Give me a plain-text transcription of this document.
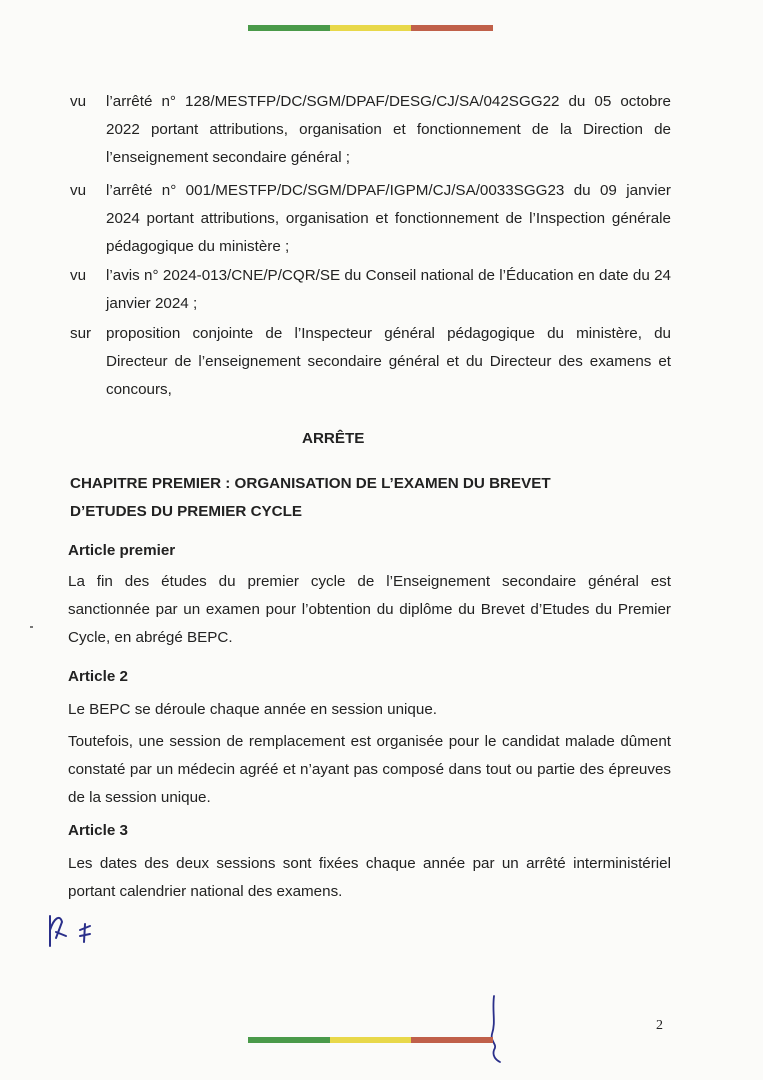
vu l’arrêté n° 128/MESTFP/DC/SGM/DPAF/DESG/CJ/SA/042SGG22 du 05 octobre 2022 portant attributions, organisation et fonctionnement de la Direction de l’enseignement secondaire général ;
vu l’arrêté n° 001/MESTFP/DC/SGM/DPAF/IGPM/CJ/SA/0033SGG23 du 09 janvier 2024 portant attributions, organisation et fonctionnement de l’Inspection générale pédagogique du ministère ;
vu l’avis n° 2024-013/CNE/P/CQR/SE du Conseil national de l’Éducation en date du 24 janvier 2024 ;
sur proposition conjointe de l’Inspecteur général pédagogique du ministère, du Directeur de l’enseignement secondaire général et du Directeur des examens et concours,
ARRÊTE
CHAPITRE PREMIER : ORGANISATION DE L’EXAMEN DU BREVET
D’ETUDES DU PREMIER CYCLE
Article premier
La fin des études du premier cycle de l’Enseignement secondaire général est sanctionnée par un examen pour l’obtention du diplôme du Brevet d’Etudes du Premier Cycle, en abrégé BEPC.
Article 2
Le BEPC se déroule chaque année en session unique.
Toutefois, une session de remplacement est organisée pour le candidat malade dûment constaté par un médecin agréé et n’ayant pas composé dans tout ou partie des épreuves de la session unique.
Article 3
Les dates des deux sessions sont fixées chaque année par un arrêté interministériel portant calendrier national des examens.
2
